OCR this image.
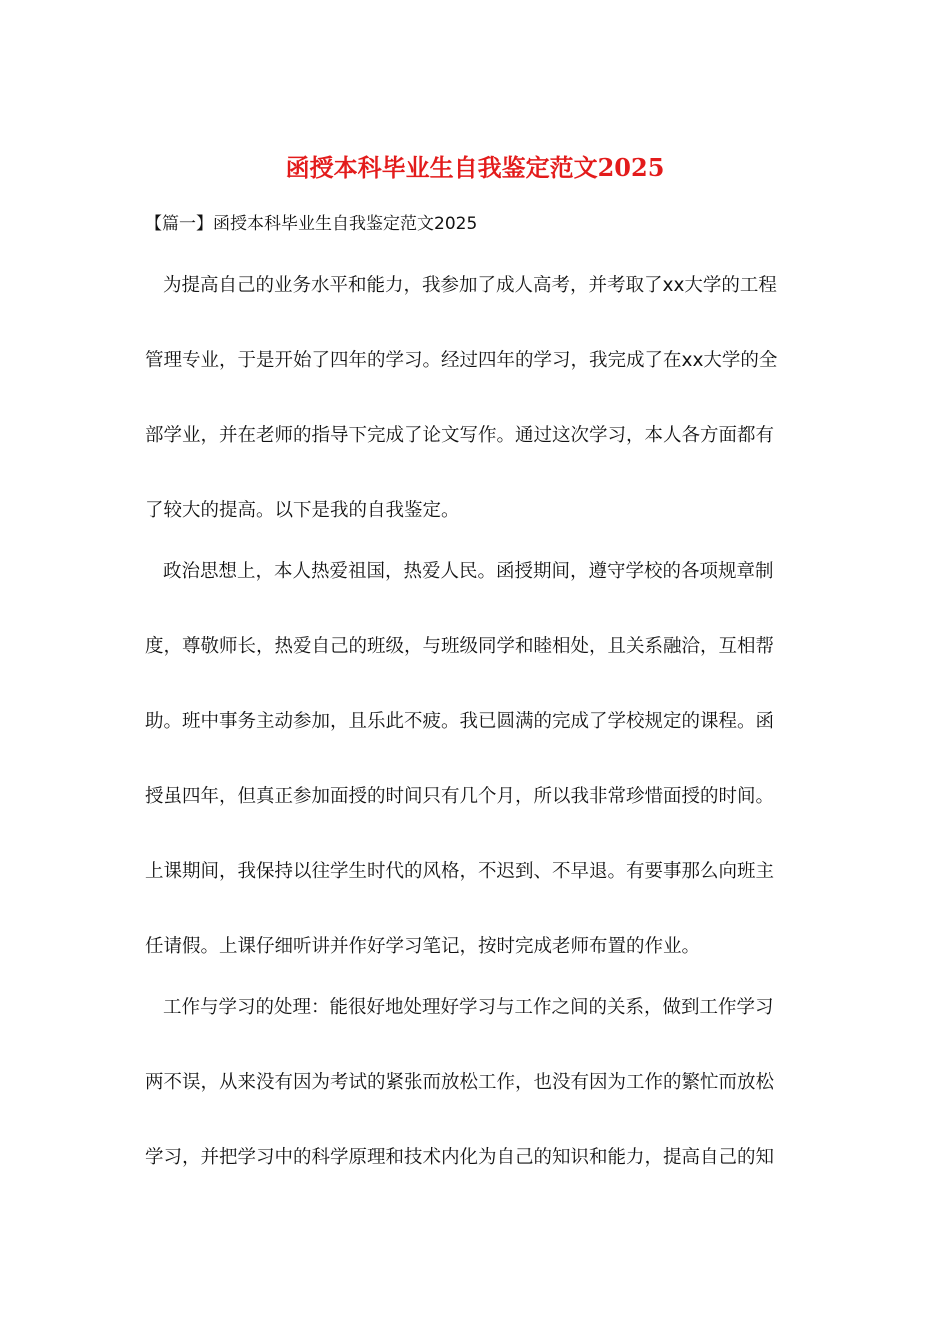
函授本科毕业生自我鉴定范文2025
【篇一】函授本科毕业生自我鉴定范文2025
为提高自己的业务水平和能力，我参加了成人高考，并考取了xx大学的工程
管理专业，于是开始了四年的学习。经过四年的学习，我完成了在xx大学的全
部学业，并在老师的指导下完成了论文写作。通过这次学习，本人各方面都有
了较大的提高。以下是我的自我鉴定。
政治思想上，本人热爱祖国，热爱人民。函授期间，遵守学校的各项规章制
度，尊敬师长，热爱自己的班级，与班级同学和睦相处，且关系融洽，互相帮
助。班中事务主动参加，且乐此不疲。我已圆满的完成了学校规定的课程。函
授虽四年，但真正参加面授的时间只有几个月，所以我非常珍惜面授的时间。
上课期间，我保持以往学生时代的风格，不迟到、不早退。有要事那么向班主
任请假。上课仔细听讲并作好学习笔记，按时完成老师布置的作业。
工作与学习的处理：能很好地处理好学习与工作之间的关系，做到工作学习
两不误，从来没有因为考试的紧张而放松工作，也没有因为工作的繁忙而放松
学习，并把学习中的科学原理和技术内化为自己的知识和能力，提高自己的知
